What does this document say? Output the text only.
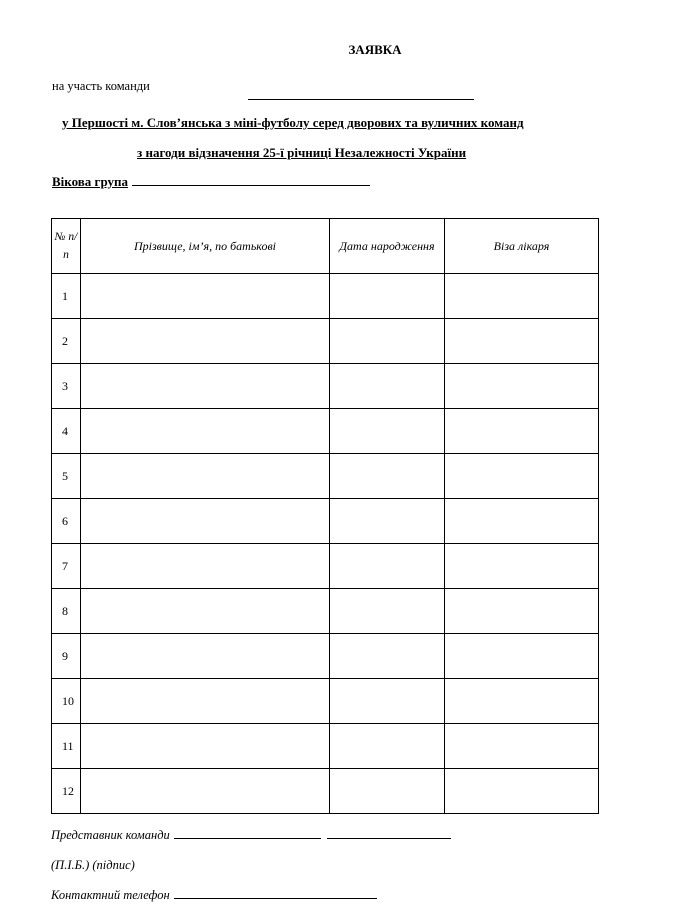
ЗАЯВКА
на участь команди
у Першості м. Слов’янська з міні-футболу серед дворових та вуличних команд
з нагоди відзначення 25-ї річниці Незалежності України
Вікова група
№ п/п	Прізвище, ім’я, по батькові	Дата народження	Віза лікаря
1			
2			
3			
4			
5			
6			
7			
8			
9			
10			
11			
12			
Представник команди
(П.І.Б.) (підпис)
Контактний телефон
